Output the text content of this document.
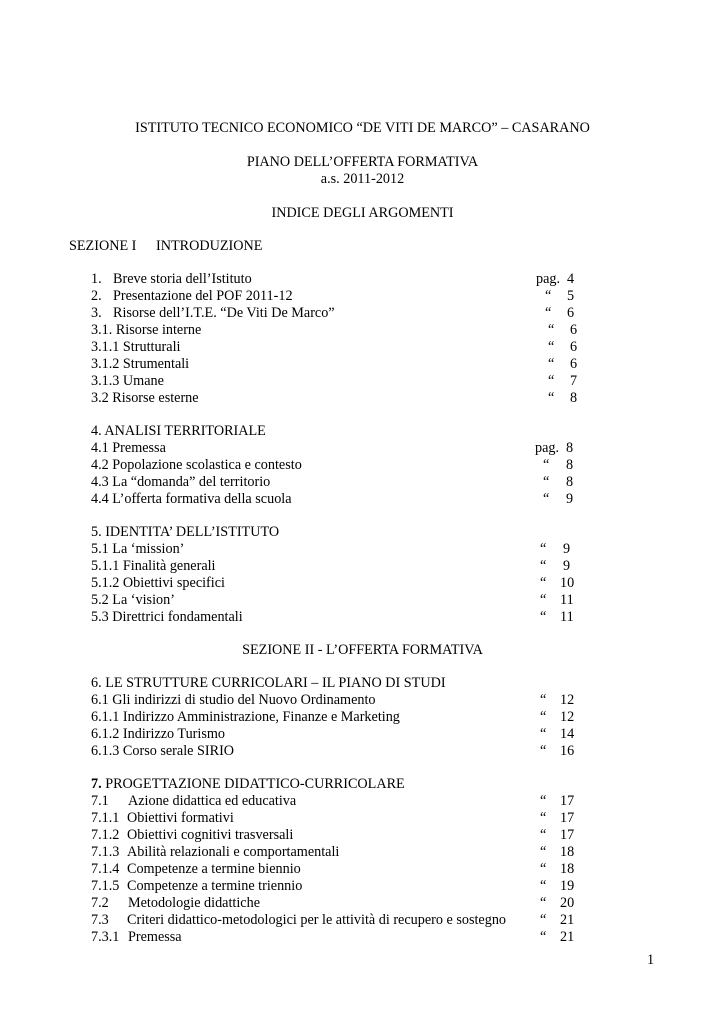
ISTITUTO TECNICO ECONOMICO “DE VITI DE MARCO” – CASARANO
PIANO DELL’OFFERTA FORMATIVA
a.s. 2011-2012
INDICE DEGLI ARGOMENTI
SEZIONE I INTRODUZIONE
1. Breve storia dell’Istituto	pag. 4
2. Presentazione del POF 2011-12	“ 5
3. Risorse dell’I.T.E. “De Viti De Marco”	“ 6
3.1. Risorse interne	“ 6
3.1.1 Strutturali	“ 6
3.1.2 Strumentali	“ 6
3.1.3 Umane	“ 7
3.2 Risorse esterne	“ 8
4. ANALISI TERRITORIALE
4.1 Premessa	pag. 8
4.2 Popolazione scolastica e contesto	“ 8
4.3 La “domanda” del territorio	“ 8
4.4 L’offerta formativa della scuola	“ 9
5. IDENTITA’ DELL’ISTITUTO
5.1 La ‘mission’	“ 9
5.1.1 Finalità generali	“ 9
5.1.2 Obiettivi specifici	“ 10
5.2 La ‘vision’	“ 11
5.3 Direttrici fondamentali	“ 11
SEZIONE II - L’OFFERTA FORMATIVA
6. LE STRUTTURE CURRICOLARI – IL PIANO DI STUDI
6.1 Gli indirizzi di studio del Nuovo Ordinamento	“ 12
6.1.1 Indirizzo Amministrazione, Finanze e Marketing	“ 12
6.1.2 Indirizzo Turismo	“ 14
6.1.3 Corso serale SIRIO	“ 16
7. PROGETTAZIONE DIDATTICO-CURRICOLARE
7.1 Azione didattica ed educativa	“ 17
7.1.1 Obiettivi formativi	“ 17
7.1.2 Obiettivi cognitivi trasversali	“ 17
7.1.3 Abilità relazionali e comportamentali	“ 18
7.1.4 Competenze a termine biennio	“ 18
7.1.5 Competenze a termine triennio	“ 19
7.2 Metodologie didattiche	“ 20
7.3 Criteri didattico-metodologici per le attività di recupero e sostegno “ 21
7.3.1 Premessa	“ 21
1
